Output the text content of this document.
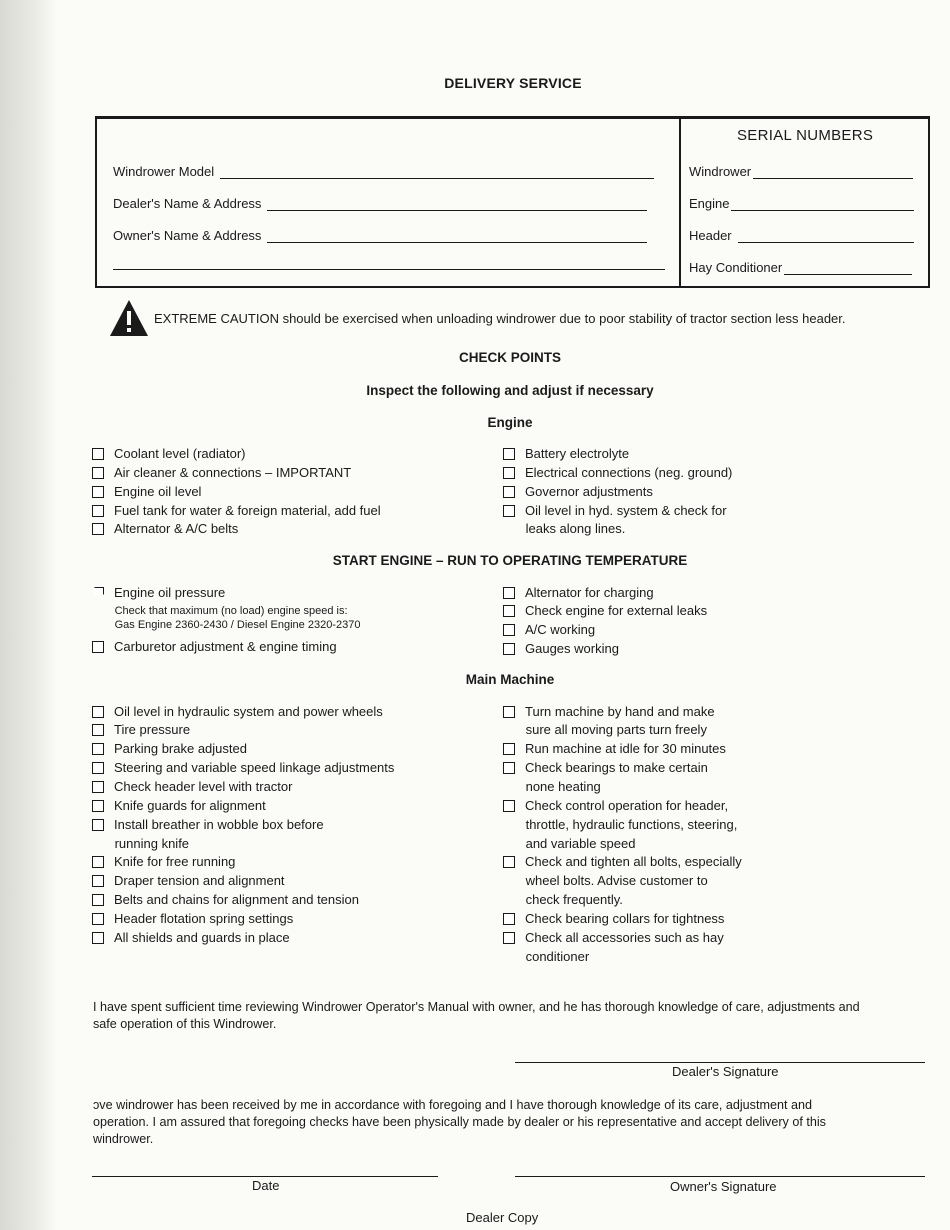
DELIVERY SERVICE
Windrower Model
Dealer's Name & Address
Owner's Name & Address
SERIAL NUMBERS
Windrower
Engine
Header
Hay Conditioner
EXTREME CAUTION should be exercised when unloading windrower due to poor stability of tractor section less header.
CHECK POINTS
Inspect the following and adjust if necessary
Engine
Coolant level (radiator)
Air cleaner & connections – IMPORTANT
Engine oil level
Fuel tank for water & foreign material, add fuel
Alternator & A/C belts
Battery electrolyte
Electrical connections (neg. ground)
Governor adjustments
Oil level in hyd. system & check for
leaks along lines.
START ENGINE – RUN TO OPERATING TEMPERATURE
Engine oil pressure
Check that maximum (no load) engine speed is:
Gas Engine 2360-2430 / Diesel Engine 2320-2370
Carburetor adjustment & engine timing
Alternator for charging
Check engine for external leaks
A/C working
Gauges working
Main Machine
Oil level in hydraulic system and power wheels
Tire pressure
Parking brake adjusted
Steering and variable speed linkage adjustments
Check header level with tractor
Knife guards for alignment
Install breather in wobble box before
running knife
Knife for free running
Draper tension and alignment
Belts and chains for alignment and tension
Header flotation spring settings
All shields and guards in place
Turn machine by hand and make
sure all moving parts turn freely
Run machine at idle for 30 minutes
Check bearings to make certain
none heating
Check control operation for header,
throttle, hydraulic functions, steering,
and variable speed
Check and tighten all bolts, especially
wheel bolts. Advise customer to
check frequently.
Check bearing collars for tightness
Check all accessories such as hay
conditioner
I have spent sufficient time reviewing Windrower Operator's Manual with owner, and he has thorough knowledge of care, adjustments and
safe operation of this Windrower.
Dealer's Signature
ɔve windrower has been received by me in accordance with foregoing and I have thorough knowledge of its care, adjustment and
operation. I am assured that foregoing checks have been physically made by dealer or his representative and accept delivery of this
windrower.
Date	Owner's Signature
Dealer Copy
